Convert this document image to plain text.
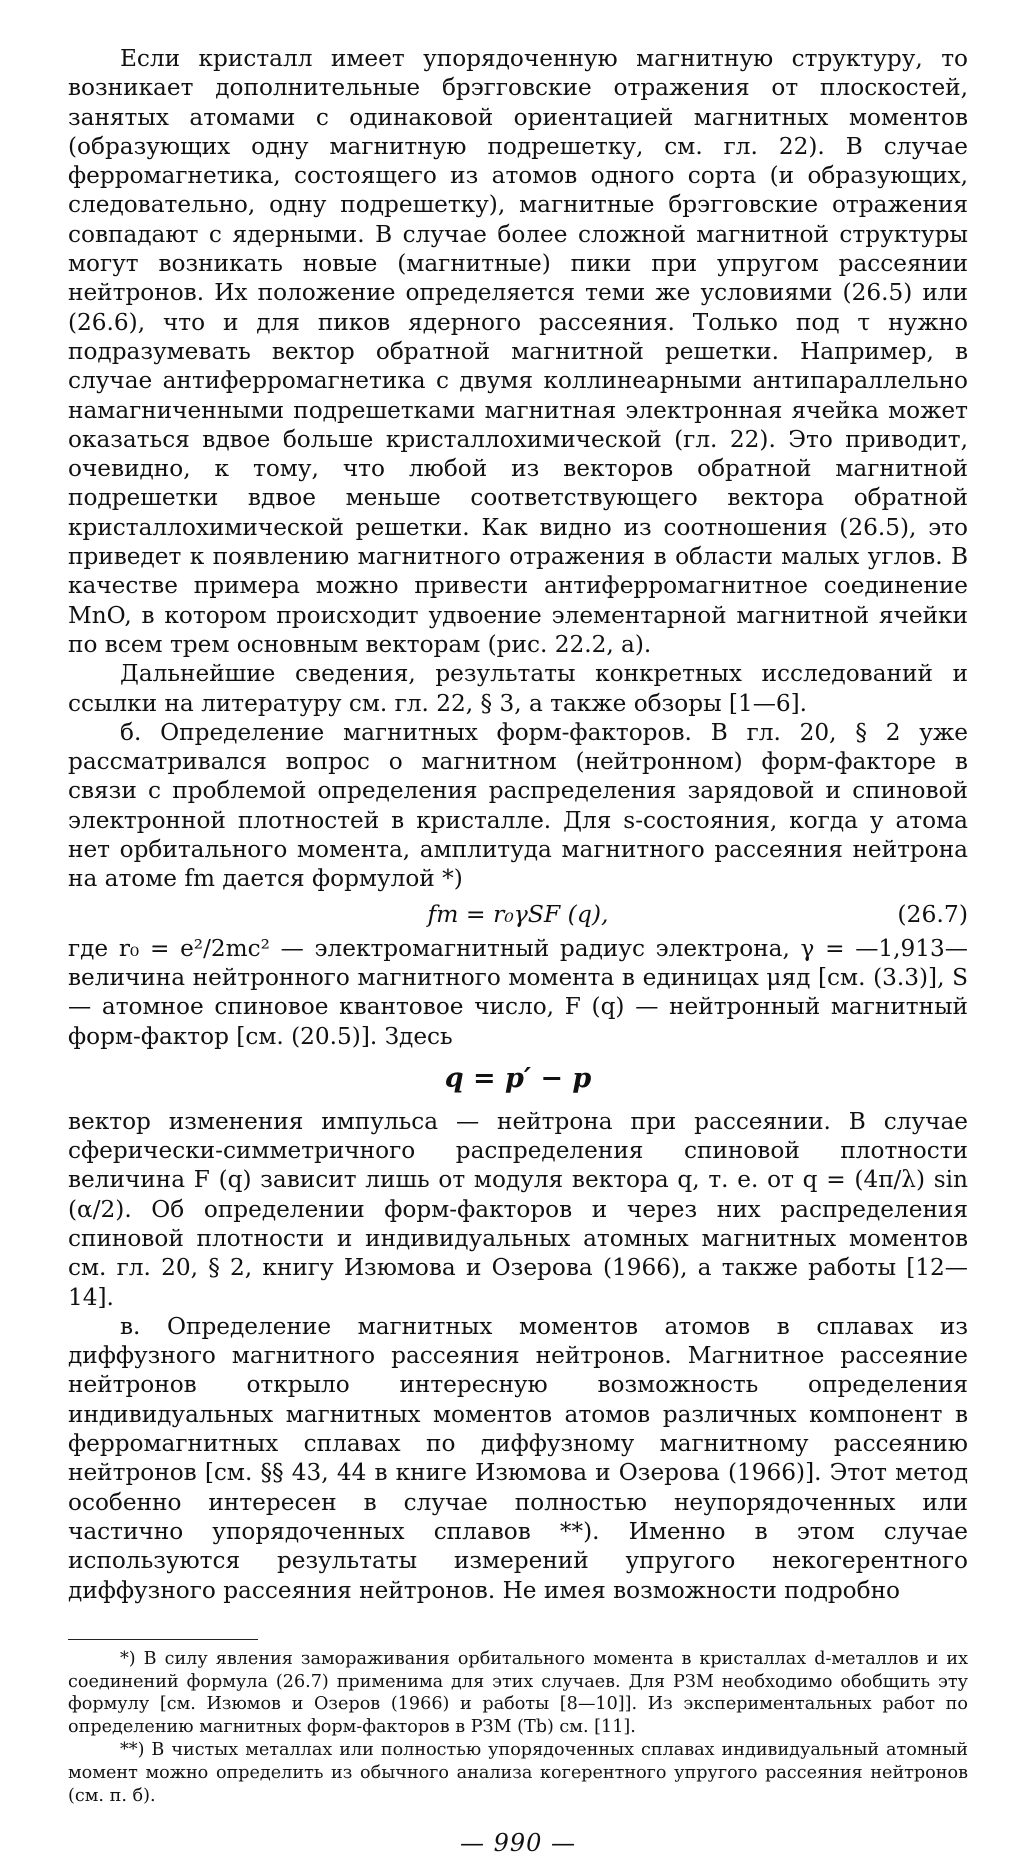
Если кристалл имеет упорядоченную магнитную структуру, то возникает дополнительные брэгговские отражения от плоскостей, занятых атомами с одинаковой ориентацией магнитных моментов (образующих одну магнитную подрешетку, см. гл. 22). В случае ферромагнетика, состоящего из атомов одного сорта (и образующих, следовательно, одну подрешетку), магнитные брэгговские отражения совпадают с ядерными. В случае более сложной магнитной структуры могут возникать новые (магнитные) пики при упругом рассеянии нейтронов. Их положение определяется теми же условиями (26.5) или (26.6), что и для пиков ядерного рассеяния. Только под τ нужно подразумевать вектор обратной магнитной решетки. Например, в случае антиферромагнетика с двумя коллинеарными антипараллельно намагниченными подрешетками магнитная электронная ячейка может оказаться вдвое больше кристаллохимической (гл. 22). Это приводит, очевидно, к тому, что любой из векторов обратной магнитной подрешетки вдвое меньше соответствующего вектора обратной кристаллохимической решетки. Как видно из соотношения (26.5), это приведет к появлению магнитного отражения в области малых углов. В качестве примера можно привести антиферромагнитное соединение MnO, в котором происходит удвоение элементарной магнитной ячейки по всем трем основным векторам (рис. 22.2, а).

Дальнейшие сведения, результаты конкретных исследований и ссылки на литературу см. гл. 22, § 3, а также обзоры [1—6].

б. Определение магнитных форм-факторов. В гл. 20, § 2 уже рассматривался вопрос о магнитном (нейтронном) форм-факторе в связи с проблемой определения распределения зарядовой и спиновой электронной плотностей в кристалле. Для s-состояния, когда у атома нет орбитального момента, амплитуда магнитного рассеяния нейтрона на атоме fm дается формулой *)

fm = r₀γSF (q),	(26.7)

где r₀ = e²/2mc² — электромагнитный радиус электрона, γ = —1,913— величина нейтронного магнитного момента в единицах μяд [см. (3.3)], S — атомное спиновое квантовое число, F (q) — нейтронный магнитный форм-фактор [см. (20.5)]. Здесь

q = p′ − p

вектор изменения импульса — нейтрона при рассеянии. В случае сферически-симметричного распределения спиновой плотности величина F (q) зависит лишь от модуля вектора q, т. е. от q = (4π/λ) sin (α/2). Об определении форм-факторов и через них распределения спиновой плотности и индивидуальных атомных магнитных моментов см. гл. 20, § 2, книгу Изюмова и Озерова (1966), а также работы [12—14].

в. Определение магнитных моментов атомов в сплавах из диффузного магнитного рассеяния нейтронов. Магнитное рассеяние нейтронов открыло интересную возможность определения индивидуальных магнитных моментов атомов различных компонент в ферромагнитных сплавах по диффузному магнитному рассеянию нейтронов [см. §§ 43, 44 в книге Изюмова и Озерова (1966)]. Этот метод особенно интересен в случае полностью неупорядоченных или частично упорядоченных сплавов **). Именно в этом случае используются результаты измерений упругого некогерентного диффузного рассеяния нейтронов. Не имея возможности подробно

*) В силу явления замораживания орбитального момента в кристаллах d-металлов и их соединений формула (26.7) применима для этих случаев. Для РЗМ необходимо обобщить эту формулу [см. Изюмов и Озеров (1966) и работы [8—10]]. Из экспериментальных работ по определению магнитных форм-факторов в РЗМ (Tb) см. [11].

**) В чистых металлах или полностью упорядоченных сплавах индивидуальный атомный момент можно определить из обычного анализа когерентного упругого рассеяния нейтронов (см. п. б).

— 990 —
